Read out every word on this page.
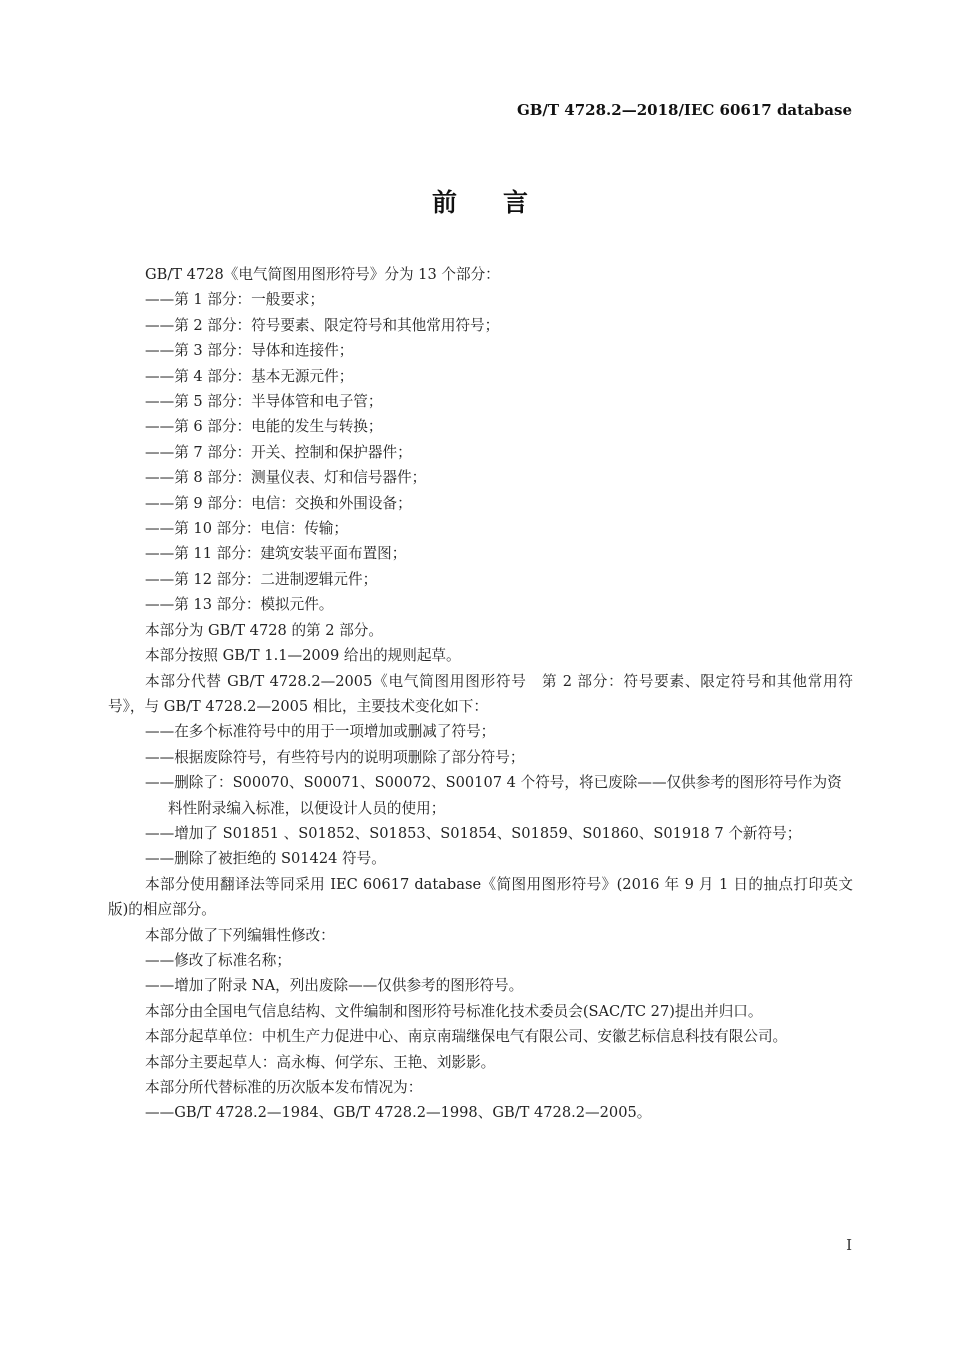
GB/T 4728.2—2018/IEC 60617 database
前言

GB/T 4728《电气简图用图形符号》分为 13 个部分：

——第 1 部分：一般要求；

——第 2 部分：符号要素、限定符号和其他常用符号；

——第 3 部分：导体和连接件；

——第 4 部分：基本无源元件；

——第 5 部分：半导体管和电子管；

——第 6 部分：电能的发生与转换；

——第 7 部分：开关、控制和保护器件；

——第 8 部分：测量仪表、灯和信号器件；

——第 9 部分：电信：交换和外围设备；

——第 10 部分：电信：传输；

——第 11 部分：建筑安装平面布置图；

——第 12 部分：二进制逻辑元件；

——第 13 部分：模拟元件。

本部分为 GB/T 4728 的第 2 部分。

本部分按照 GB/T 1.1—2009 给出的规则起草。

本部分代替 GB/T 4728.2—2005《电气简图用图形符号　第 2 部分：符号要素、限定符号和其他常用符号》，与 GB/T 4728.2—2005 相比，主要技术变化如下：

——在多个标准符号中的用于一项增加或删减了符号；

——根据废除符号，有些符号内的说明项删除了部分符号；

——删除了：S00070、S00071、S00072、S00107 4 个符号，将已废除——仅供参考的图形符号作为资

料性附录编入标准，以便设计人员的使用；

——增加了 S01851 、S01852、S01853、S01854、S01859、S01860、S01918 7 个新符号；

——删除了被拒绝的 S01424 符号。

本部分使用翻译法等同采用 IEC 60617 database《简图用图形符号》(2016 年 9 月 1 日的抽点打印英文版)的相应部分。

本部分做了下列编辑性修改：

——修改了标准名称；

——增加了附录 NA，列出废除——仅供参考的图形符号。

本部分由全国电气信息结构、文件编制和图形符号标准化技术委员会(SAC/TC 27)提出并归口。

本部分起草单位：中机生产力促进中心、南京南瑞继保电气有限公司、安徽艺标信息科技有限公司。

本部分主要起草人：高永梅、何学东、王艳、刘影影。

本部分所代替标准的历次版本发布情况为：

——GB/T 4728.2—1984、GB/T 4728.2—1998、GB/T 4728.2—2005。

I
